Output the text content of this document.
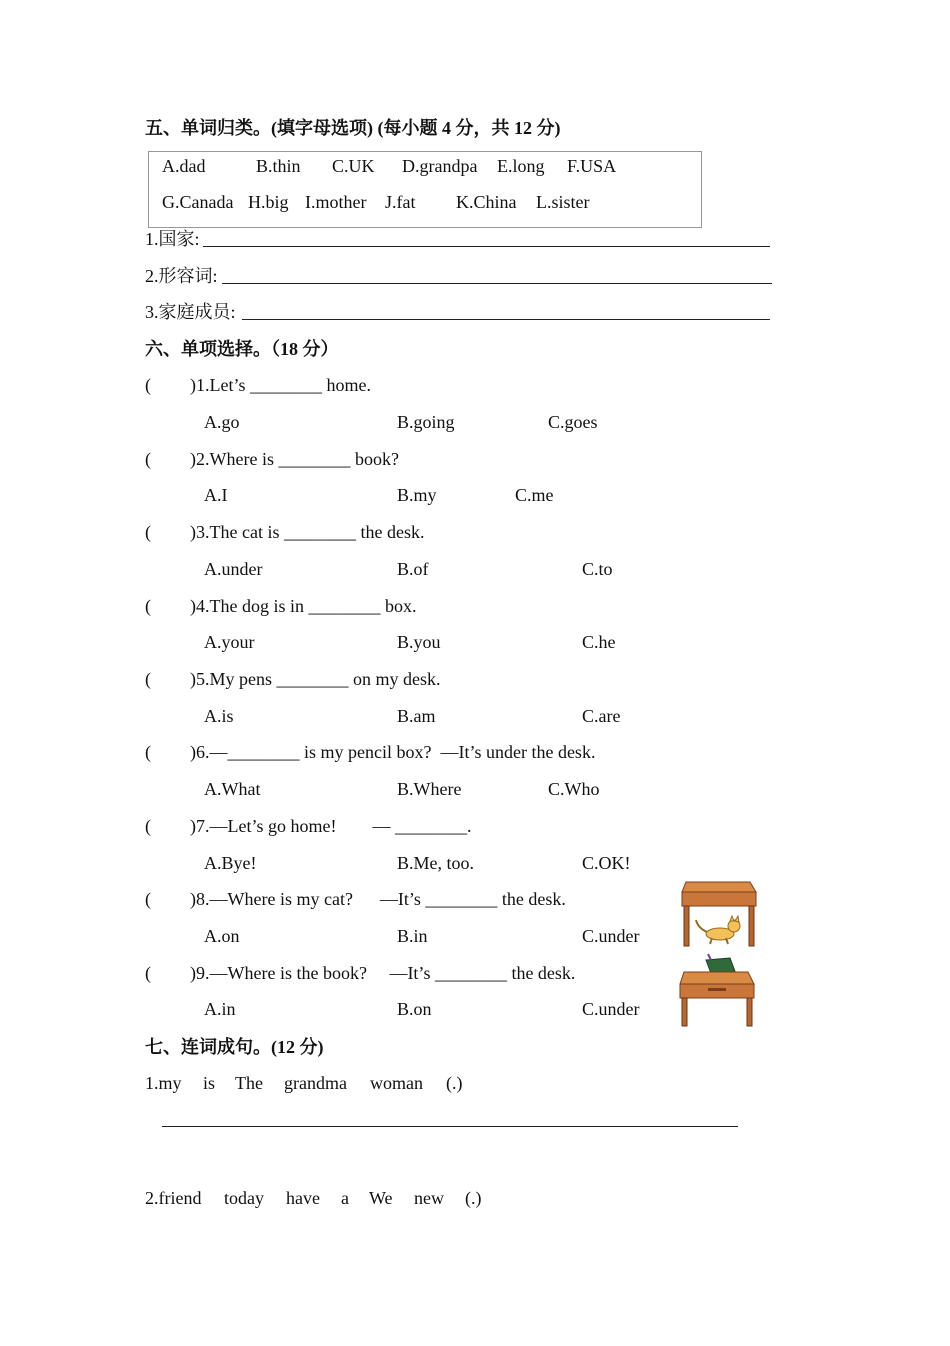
五、单词归类。(填字母选项) (每小题 4 分，共 12 分)
A.dad	B.thin C.UK D.grandpa E.long F.USA
G.Canada H.big I.mother J.fat K.China L.sister
1.国家:
2.形容词:
3.家庭成员:
六、单项选择。（18 分）
( )1.Let’s ________ home.
A.go	B.going	C.goes
( )2.Where is ________ book?
A.I	B.my	C.me
( )3.The cat is ________ the desk.
A.under	B.of	C.to
( )4.The dog is in ________ box.
A.your	B.you	C.he
( )5.My pens ________ on my desk.
A.is	B.am	C.are
( )6.—________ is my pencil box?  —It’s under the desk.
A.What	B.Where	C.Who
( )7.—Let’s go home!        — ________.
A.Bye!	B.Me, too.	C.OK!
( )8.—Where is my cat?      —It’s ________ the desk.
A.on	B.in	C.under
( )9.—Where is the book?     —It’s ________ the desk.
A.in	B.on	C.under
七、连词成句。(12 分)
1.my is The grandma woman (.)
2.friend today have a We new (.)
